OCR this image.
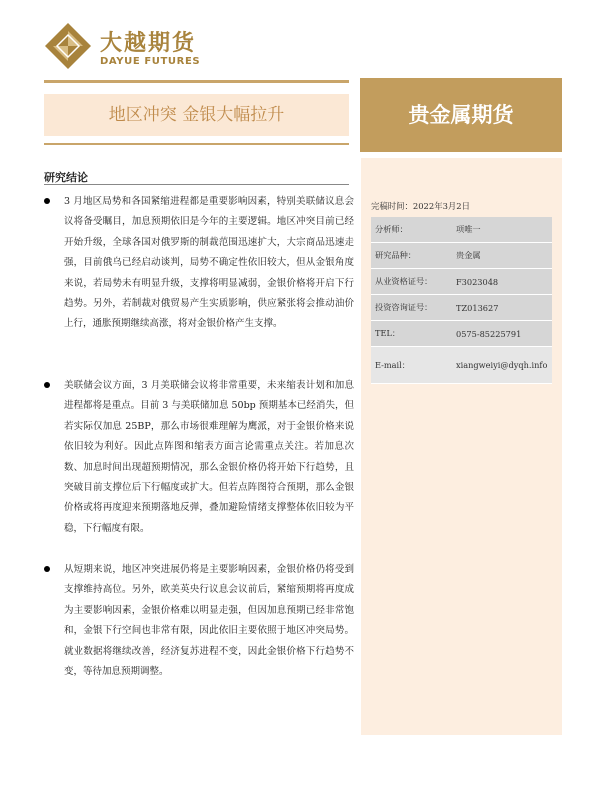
大越期货
DAYUE FUTURES
地区冲突 金银大幅拉升	贵金属期货
完稿时间：2022年3月2日
分析师：	项唯一
研究品种：	贵金属
从业资格证号：	F3023048
投资咨询证号：	TZ013627
TEL：	0575-85225791
E-mail：	xiangweiyi@dyqh.info
研究结论
3 月地区局势和各国紧缩进程都是重要影响因素，特别美联储议息会议将备受瞩目，加息预期依旧是今年的主要逻辑。地区冲突目前已经开始升级，全球各国对俄罗斯的制裁范围迅速扩大，大宗商品迅速走强，目前俄乌已经启动谈判，局势不确定性依旧较大，但从金银角度来说，若局势未有明显升级，支撑将明显减弱，金银价格将开启下行趋势。另外，若制裁对俄贸易产生实质影响，供应紧张将会推动油价上行，通胀预期继续高涨，将对金银价格产生支撑。
美联储会议方面，3 月美联储会议将非常重要，未来缩表计划和加息进程都将是重点。目前 3 与美联储加息 50bp 预期基本已经消失，但若实际仅加息 25BP，那么市场很难理解为鹰派，对于金银价格来说依旧较为利好。因此点阵图和缩表方面言论需重点关注。若加息次数、加息时间出现超预期情况，那么金银价格仍将开始下行趋势，且突破目前支撑位后下行幅度或扩大。但若点阵图符合预期，那么金银价格或将再度迎来预期落地反弹，叠加避险情绪支撑整体依旧较为平稳，下行幅度有限。
从短期来说，地区冲突进展仍将是主要影响因素，金银价格仍将受到支撑维持高位。另外，欧美英央行议息会议前后，紧缩预期将再度成为主要影响因素，金银价格难以明显走强，但因加息预期已经非常饱和，金银下行空间也非常有限，因此依旧主要依照于地区冲突局势。就业数据将继续改善，经济复苏进程不变，因此金银价格下行趋势不变，等待加息预期调整。
